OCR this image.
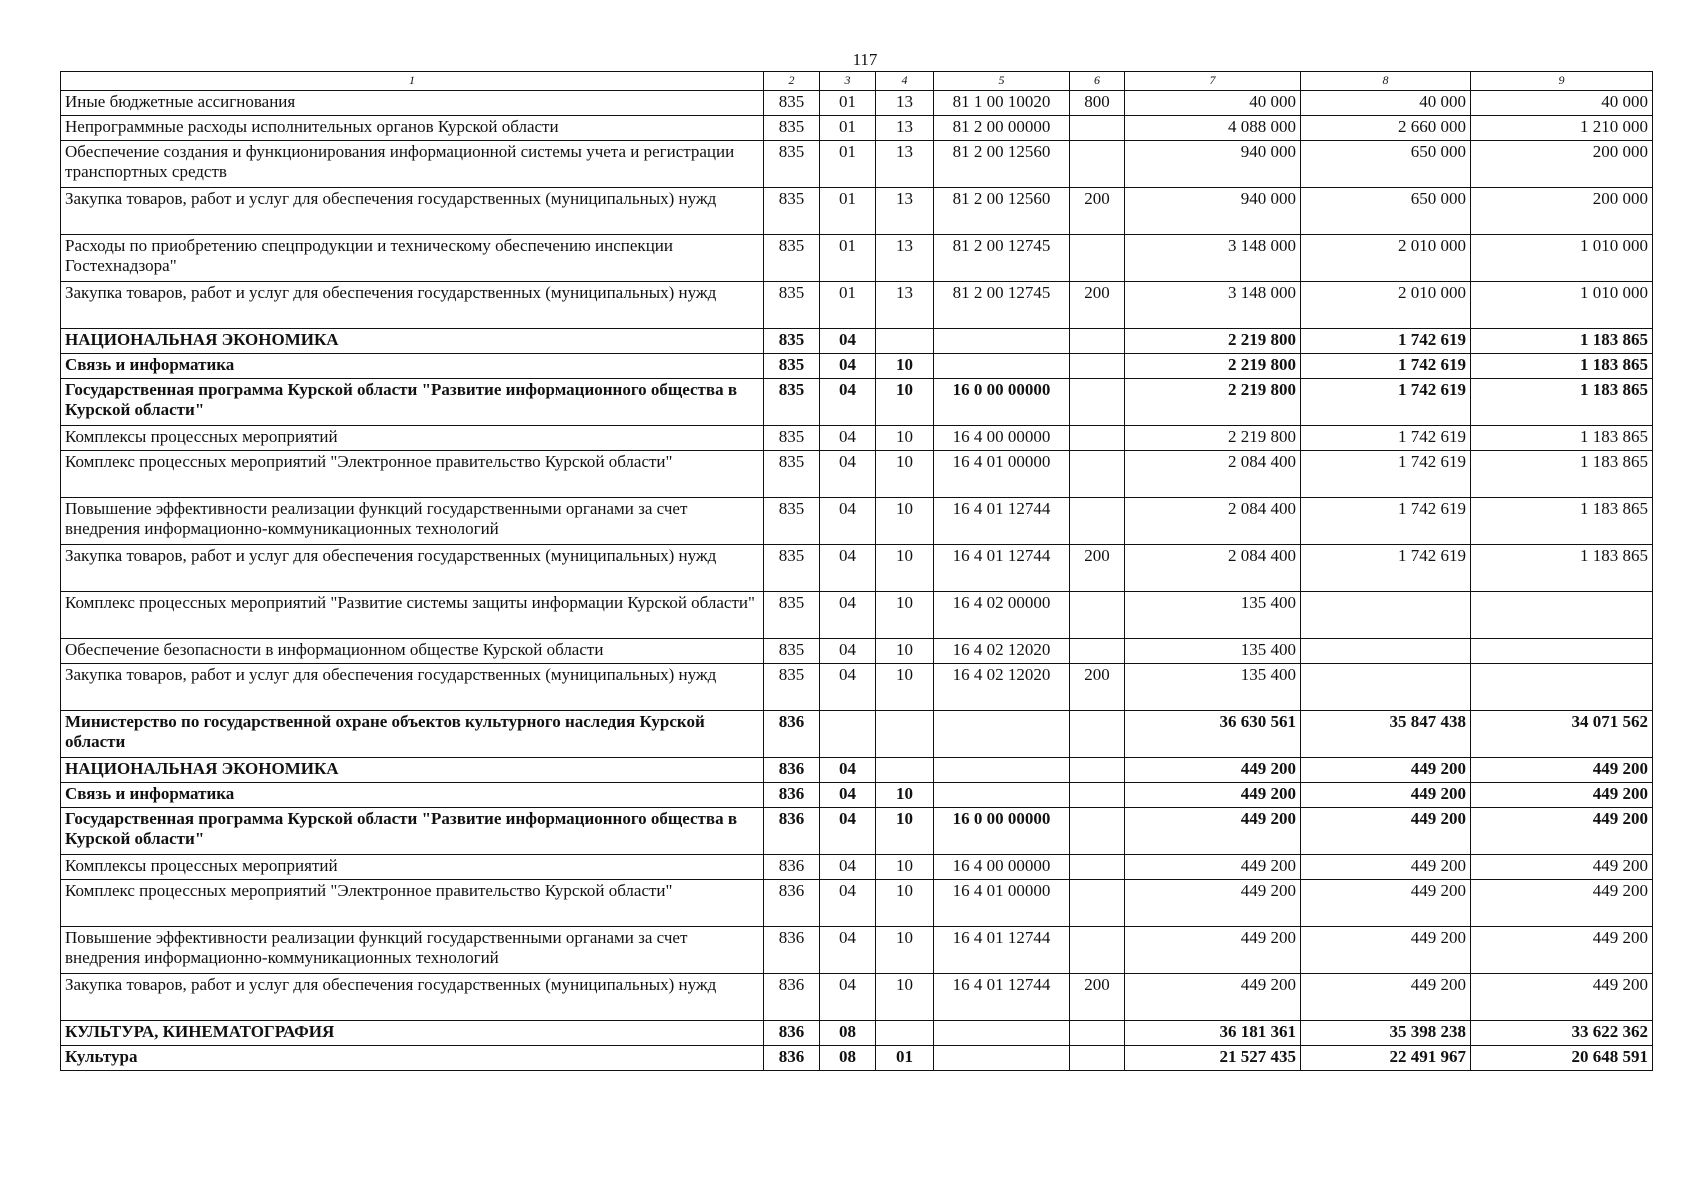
117
1	2	3	4	5	6	7	8	9
Иные бюджетные ассигнования	835	01	13	81 1 00 10020	800	40 000	40 000	40 000
Непрограммные расходы исполнительных органов Курской области	835	01	13	81 2 00 00000		4 088 000	2 660 000	1 210 000
Обеспечение создания и функционирования информационной системы учета и регистрации транспортных средств	835	01	13	81 2 00 12560		940 000	650 000	200 000
Закупка товаров, работ и услуг для обеспечения государственных (муниципальных) нужд	835	01	13	81 2 00 12560	200	940 000	650 000	200 000
Расходы по приобретению спецпродукции и техническому обеспечению инспекции Гостехнадзора"	835	01	13	81 2 00 12745		3 148 000	2 010 000	1 010 000
Закупка товаров, работ и услуг для обеспечения государственных (муниципальных) нужд	835	01	13	81 2 00 12745	200	3 148 000	2 010 000	1 010 000
НАЦИОНАЛЬНАЯ ЭКОНОМИКА	835	04				2 219 800	1 742 619	1 183 865
Связь и информатика	835	04	10			2 219 800	1 742 619	1 183 865
Государственная программа Курской области "Развитие информационного общества в Курской области"	835	04	10	16 0 00 00000		2 219 800	1 742 619	1 183 865
Комплексы процессных мероприятий	835	04	10	16 4 00 00000		2 219 800	1 742 619	1 183 865
Комплекс процессных мероприятий "Электронное правительство Курской области"	835	04	10	16 4 01 00000		2 084 400	1 742 619	1 183 865
Повышение эффективности реализации функций государственными органами за счет внедрения информационно-коммуникационных технологий	835	04	10	16 4 01 12744		2 084 400	1 742 619	1 183 865
Закупка товаров, работ и услуг для обеспечения государственных (муниципальных) нужд	835	04	10	16 4 01 12744	200	2 084 400	1 742 619	1 183 865
Комплекс процессных мероприятий "Развитие системы защиты информации Курской области"	835	04	10	16 4 02 00000		135 400		
Обеспечение безопасности в информационном обществе Курской области	835	04	10	16 4 02 12020		135 400		
Закупка товаров, работ и услуг для обеспечения государственных (муниципальных) нужд	835	04	10	16 4 02 12020	200	135 400		
Министерство по государственной охране объектов культурного наследия Курской области	836					36 630 561	35 847 438	34 071 562
НАЦИОНАЛЬНАЯ ЭКОНОМИКА	836	04				449 200	449 200	449 200
Связь и информатика	836	04	10			449 200	449 200	449 200
Государственная программа Курской области "Развитие информационного общества в Курской области"	836	04	10	16 0 00 00000		449 200	449 200	449 200
Комплексы процессных мероприятий	836	04	10	16 4 00 00000		449 200	449 200	449 200
Комплекс процессных мероприятий "Электронное правительство Курской области"	836	04	10	16 4 01 00000		449 200	449 200	449 200
Повышение эффективности реализации функций государственными органами за счет внедрения информационно-коммуникационных технологий	836	04	10	16 4 01 12744		449 200	449 200	449 200
Закупка товаров, работ и услуг для обеспечения государственных (муниципальных) нужд	836	04	10	16 4 01 12744	200	449 200	449 200	449 200
КУЛЬТУРА, КИНЕМАТОГРАФИЯ	836	08				36 181 361	35 398 238	33 622 362
Культура	836	08	01			21 527 435	22 491 967	20 648 591
